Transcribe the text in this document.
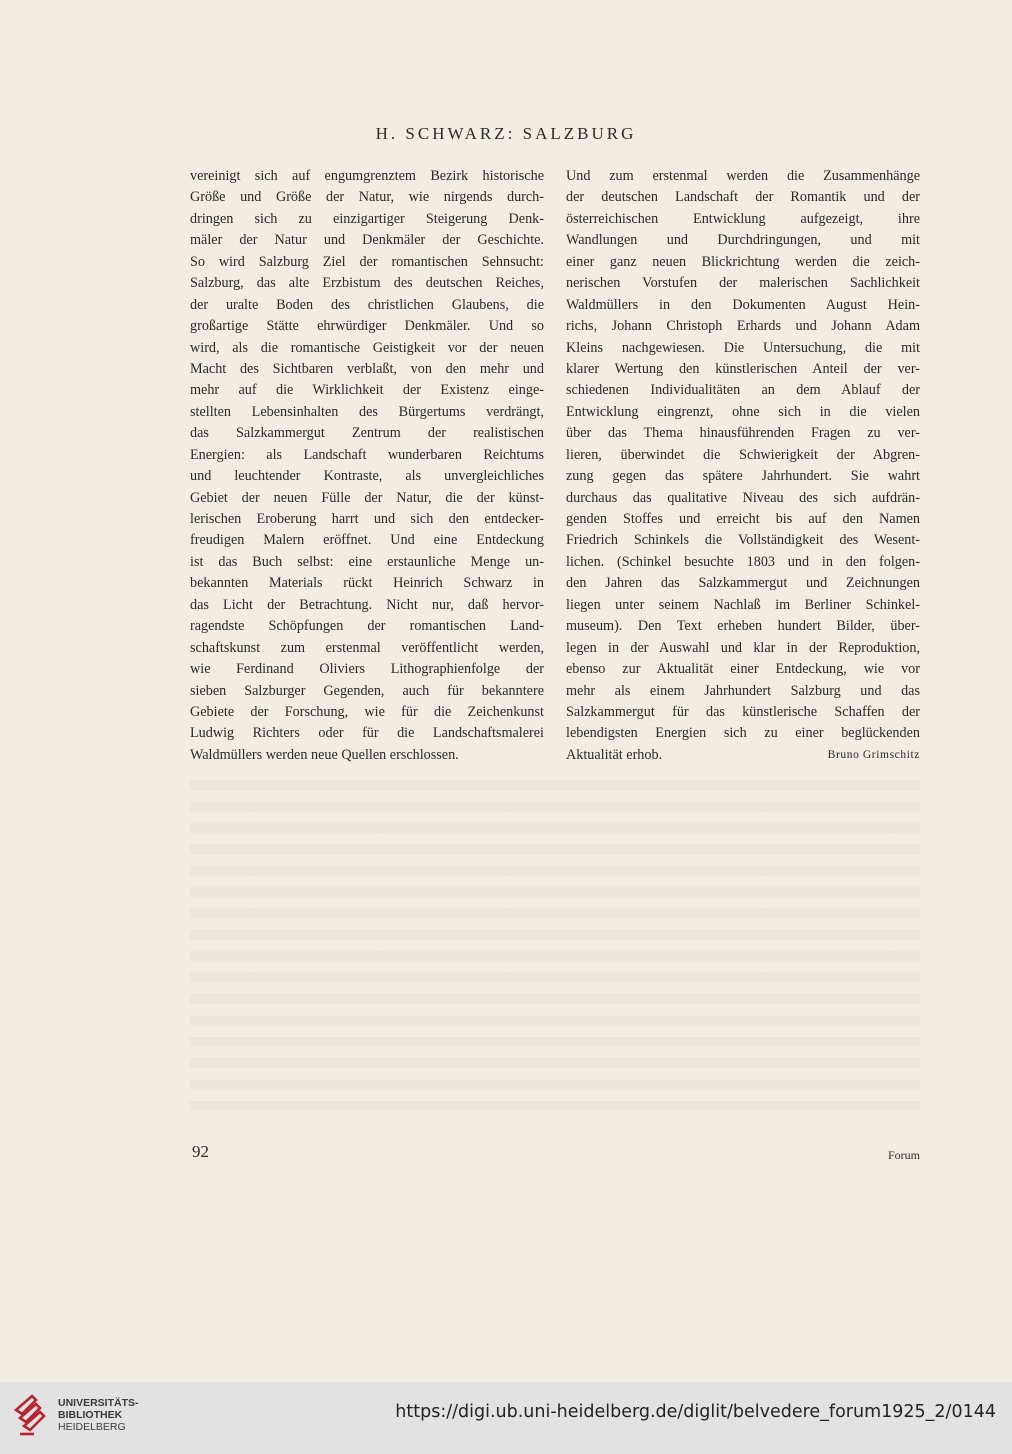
H. SCHWARZ: SALZBURG
vereinigt sich auf engumgrenztem Bezirk historische
Größe und Größe der Natur, wie nirgends durch-
dringen sich zu einzigartiger Steigerung Denk-
mäler der Natur und Denkmäler der Geschichte.
So wird Salzburg Ziel der romantischen Sehnsucht:
Salzburg, das alte Erzbistum des deutschen Reiches,
der uralte Boden des christlichen Glaubens, die
großartige Stätte ehrwürdiger Denkmäler. Und so
wird, als die romantische Geistigkeit vor der neuen
Macht des Sichtbaren verblaßt, von den mehr und
mehr auf die Wirklichkeit der Existenz einge-
stellten Lebensinhalten des Bürgertums verdrängt,
das Salzkammergut Zentrum der realistischen
Energien: als Landschaft wunderbaren Reichtums
und leuchtender Kontraste, als unvergleichliches
Gebiet der neuen Fülle der Natur, die der künst-
lerischen Eroberung harrt und sich den entdecker-
freudigen Malern eröffnet. Und eine Entdeckung
ist das Buch selbst: eine erstaunliche Menge un-
bekannten Materials rückt Heinrich Schwarz in
das Licht der Betrachtung. Nicht nur, daß hervor-
ragendste Schöpfungen der romantischen Land-
schaftskunst zum erstenmal veröffentlicht werden,
wie Ferdinand Oliviers Lithographienfolge der
sieben Salzburger Gegenden, auch für bekanntere
Gebiete der Forschung, wie für die Zeichenkunst
Ludwig Richters oder für die Landschaftsmalerei
Waldmüllers werden neue Quellen erschlossen.
Und zum erstenmal werden die Zusammenhänge
der deutschen Landschaft der Romantik und der
österreichischen Entwicklung aufgezeigt, ihre
Wandlungen und Durchdringungen, und mit
einer ganz neuen Blickrichtung werden die zeich-
nerischen Vorstufen der malerischen Sachlichkeit
Waldmüllers in den Dokumenten August Hein-
richs, Johann Christoph Erhards und Johann Adam
Kleins nachgewiesen. Die Untersuchung, die mit
klarer Wertung den künstlerischen Anteil der ver-
schiedenen Individualitäten an dem Ablauf der
Entwicklung eingrenzt, ohne sich in die vielen
über das Thema hinausführenden Fragen zu ver-
lieren, überwindet die Schwierigkeit der Abgren-
zung gegen das spätere Jahrhundert. Sie wahrt
durchaus das qualitative Niveau des sich aufdrän-
genden Stoffes und erreicht bis auf den Namen
Friedrich Schinkels die Vollständigkeit des Wesent-
lichen. (Schinkel besuchte 1803 und in den folgen-
den Jahren das Salzkammergut und Zeichnungen
liegen unter seinem Nachlaß im Berliner Schinkel-
museum). Den Text erheben hundert Bilder, über-
legen in der Auswahl und klar in der Reproduktion,
ebenso zur Aktualität einer Entdeckung, wie vor
mehr als einem Jahrhundert Salzburg und das
Salzkammergut für das künstlerische Schaffen der
lebendigsten Energien sich zu einer beglückenden
Aktualität erhob.	Bruno Grimschitz
92	Forum
UNIVERSITÄTS-
BIBLIOTHEK
HEIDELBERG
https://digi.ub.uni-heidelberg.de/diglit/belvedere_forum1925_2/0144
